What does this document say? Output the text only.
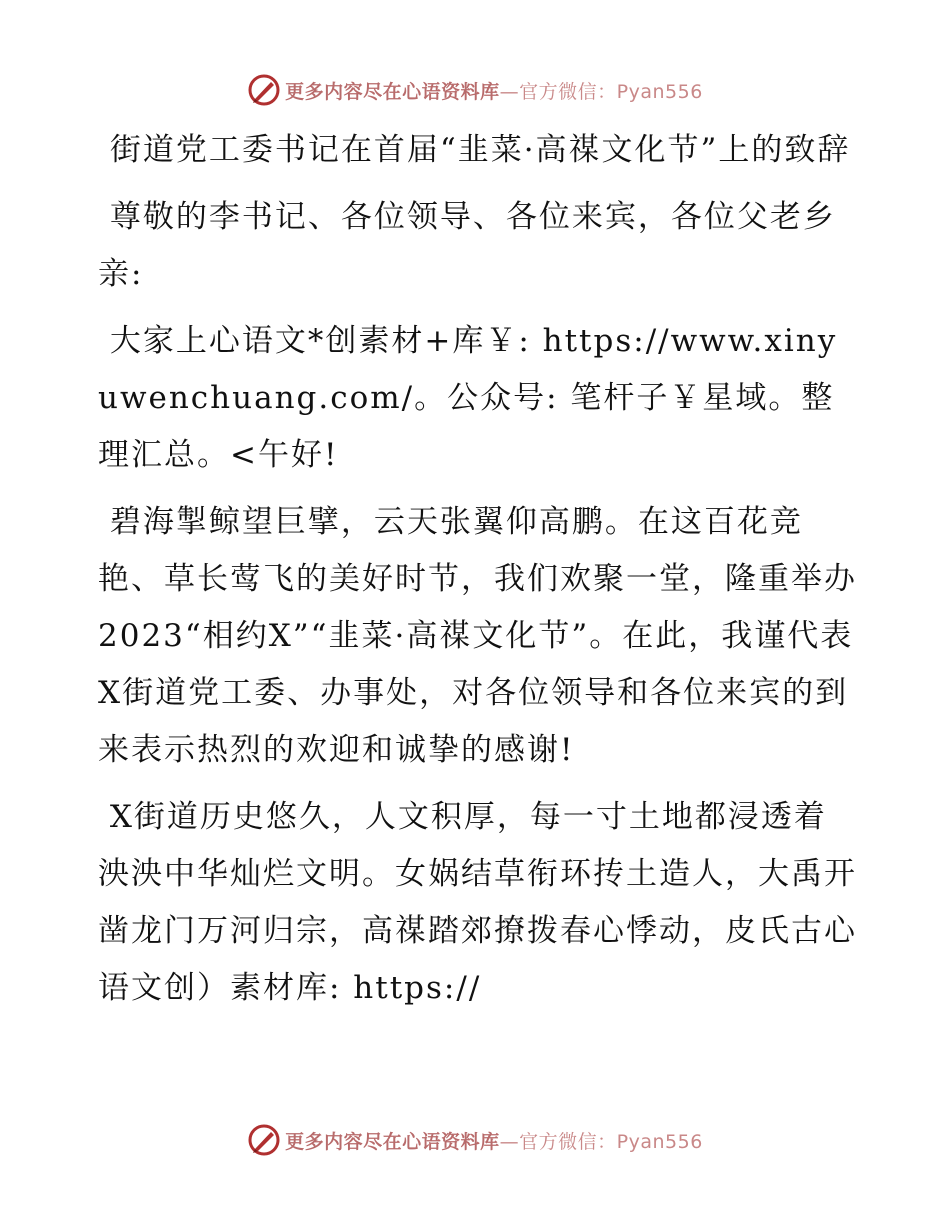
更多内容尽在心语资料库—官方微信：Pyan556

街道党工委书记在首届“韭菜·高禖文化节”上的致辞

尊敬的李书记、各位领导、各位来宾，各位父老乡亲:

大家上心语文*创素材+库￥: https://www.xinyuwenchuang.com/。公众号: 笔杆子￥星域。整理汇总。<午好!

碧海掣鲸望巨擘，云天张翼仰高鹏。在这百花竞艳、草长莺飞的美好时节，我们欢聚一堂，隆重举办2023“相约X”“韭菜·高禖文化节”。在此，我谨代表X街道党工委、办事处，对各位领导和各位来宾的到来表示热烈的欢迎和诚挚的感谢!

X街道历史悠久，人文积厚，每一寸土地都浸透着泱泱中华灿烂文明。女娲结草衔环抟土造人，大禹开凿龙门万河归宗，高禖踏郊撩拨春心悸动，皮氏古心语文创）素材库: https://

更多内容尽在心语资料库—官方微信：Pyan556
